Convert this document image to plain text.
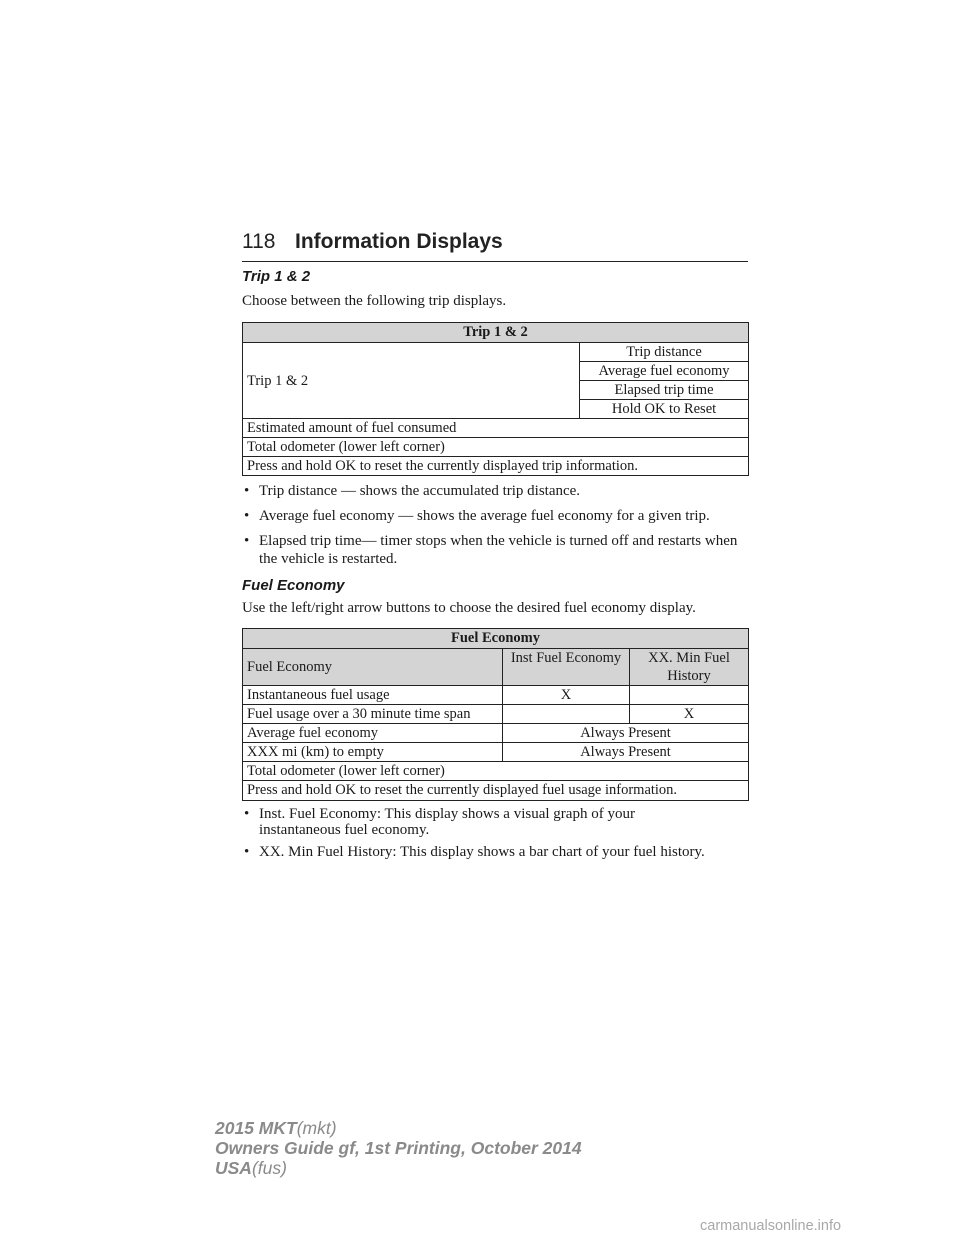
118 Information Displays
Trip 1 & 2

Choose between the following trip displays.

Trip 1 & 2
Trip 1 & 2	Trip distance
Average fuel economy
Elapsed trip time
Hold OK to Reset
Estimated amount of fuel consumed
Total odometer (lower left corner)
Press and hold OK to reset the currently displayed trip information.
• Trip distance — shows the accumulated trip distance.
• Average fuel economy — shows the average fuel economy for a given trip.
• Elapsed trip time— timer stops when the vehicle is turned off and restarts when the vehicle is restarted.
Fuel Economy

Use the left/right arrow buttons to choose the desired fuel economy display.

Fuel Economy		
Fuel Economy	Inst Fuel Economy	XX. Min Fuel History
Instantaneous fuel usage	X	
Fuel usage over a 30 minute time span		X
Average fuel economy	Always Present	
XXX mi (km) to empty	Always Present	
Total odometer (lower left corner)		
Press and hold OK to reset the currently displayed fuel usage information.		
• Inst. Fuel Economy: This display shows a visual graph of your instantaneous fuel economy.
• XX. Min Fuel History: This display shows a bar chart of your fuel history.
2015 MKT(mkt)
Owners Guide gf, 1st Printing, October 2014
USA(fus)
carmanualsonline.info
